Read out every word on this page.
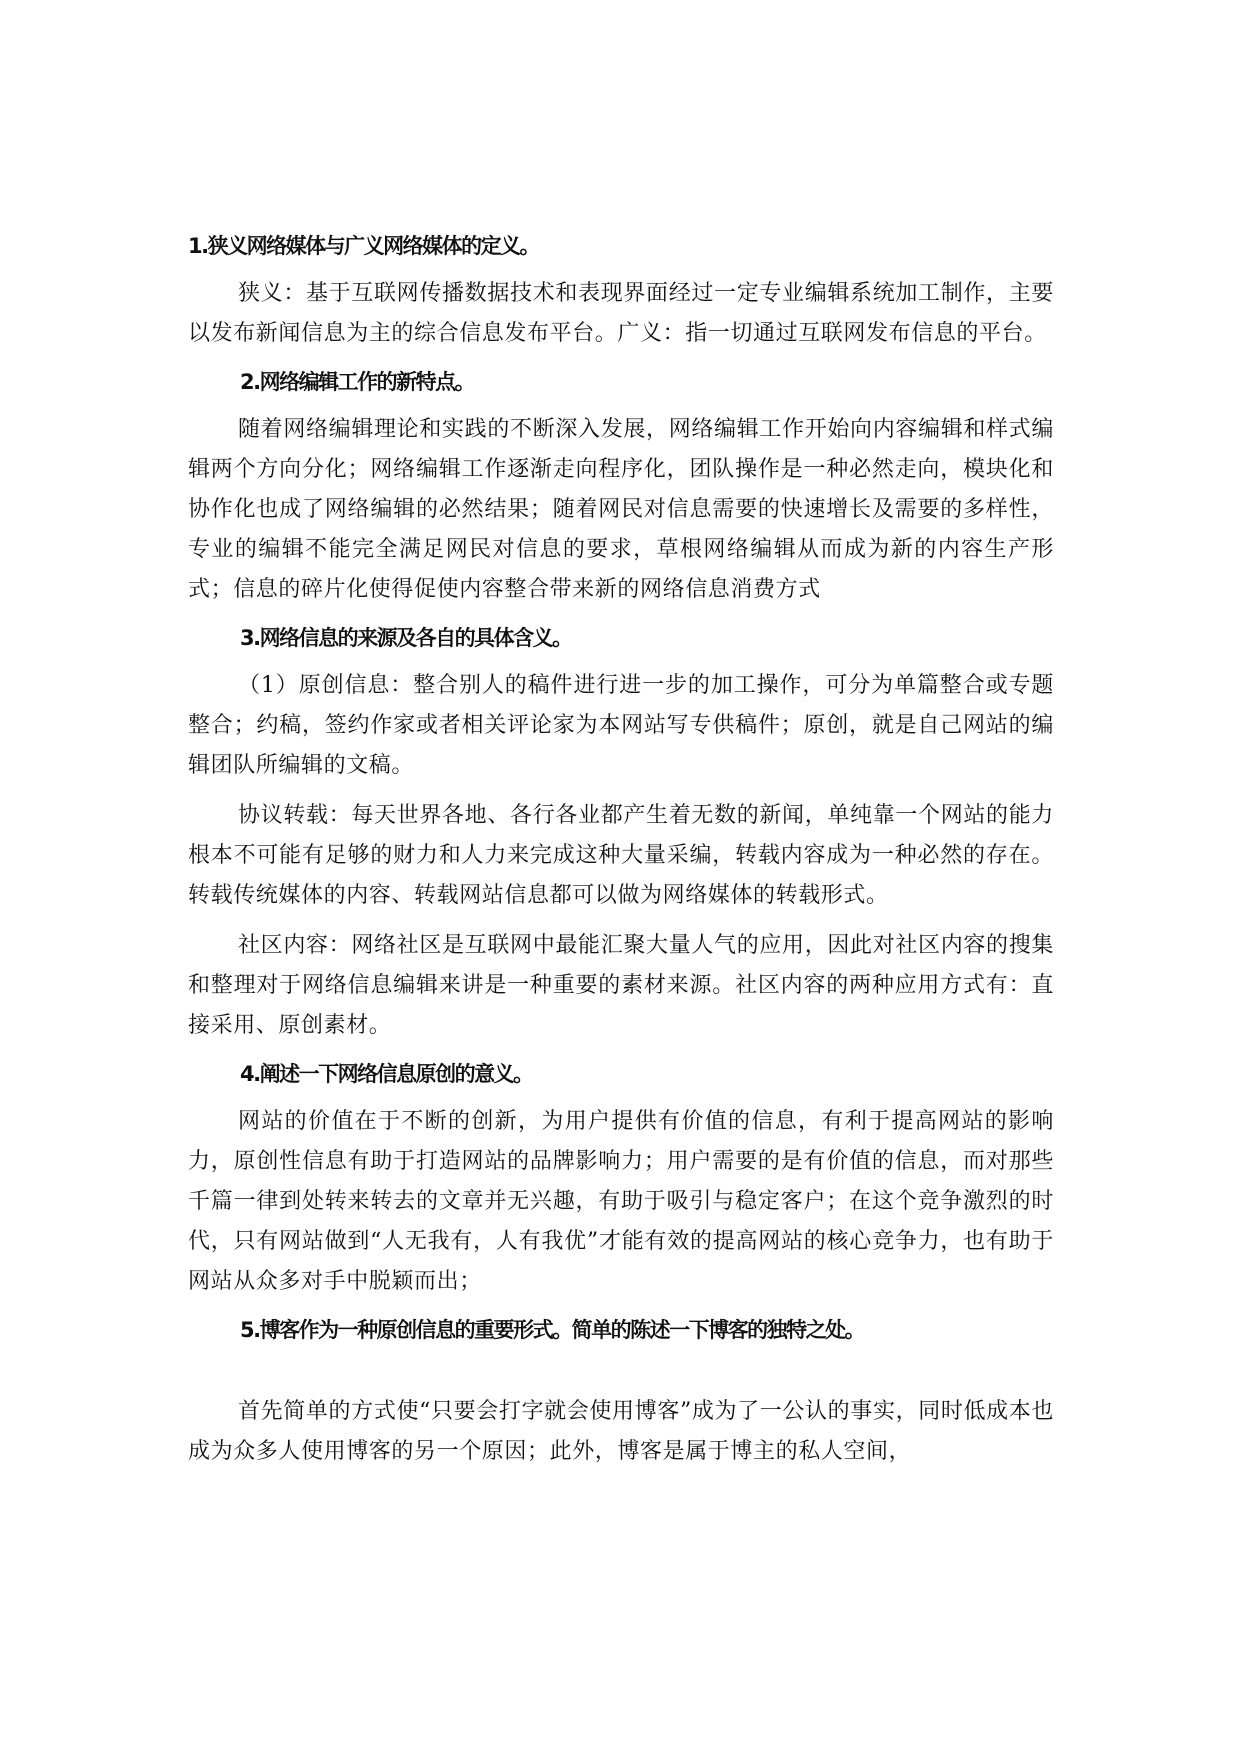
1.狭义网络媒体与广义网络媒体的定义。

狭义：基于互联网传播数据技术和表现界面经过一定专业编辑系统加工制作，主要以发布新闻信息为主的综合信息发布平台。广义：指一切通过互联网发布信息的平台。

2.网络编辑工作的新特点。

随着网络编辑理论和实践的不断深入发展，网络编辑工作开始向内容编辑和样式编辑两个方向分化；网络编辑工作逐渐走向程序化，团队操作是一种必然走向，模块化和协作化也成了网络编辑的必然结果；随着网民对信息需要的快速增长及需要的多样性，专业的编辑不能完全满足网民对信息的要求，草根网络编辑从而成为新的内容生产形式；信息的碎片化使得促使内容整合带来新的网络信息消费方式

3.网络信息的来源及各自的具体含义。

（1）原创信息：整合别人的稿件进行进一步的加工操作，可分为单篇整合或专题整合；约稿，签约作家或者相关评论家为本网站写专供稿件；原创，就是自己网站的编辑团队所编辑的文稿。

协议转载：每天世界各地、各行各业都产生着无数的新闻，单纯靠一个网站的能力根本不可能有足够的财力和人力来完成这种大量采编，转载内容成为一种必然的存在。转载传统媒体的内容、转载网站信息都可以做为网络媒体的转载形式。

社区内容：网络社区是互联网中最能汇聚大量人气的应用，因此对社区内容的搜集和整理对于网络信息编辑来讲是一种重要的素材来源。社区内容的两种应用方式有：直接采用、原创素材。

4.阐述一下网络信息原创的意义。

网站的价值在于不断的创新，为用户提供有价值的信息，有利于提高网站的影响力，原创性信息有助于打造网站的品牌影响力；用户需要的是有价值的信息，而对那些千篇一律到处转来转去的文章并无兴趣，有助于吸引与稳定客户；在这个竞争激烈的时代，只有网站做到“人无我有，人有我优”才能有效的提高网站的核心竞争力，也有助于网站从众多对手中脱颖而出；

5.博客作为一种原创信息的重要形式。简单的陈述一下博客的独特之处。

首先简单的方式使“只要会打字就会使用博客”成为了一公认的事实，同时低成本也成为众多人使用博客的另一个原因；此外，博客是属于博主的私人空间，
